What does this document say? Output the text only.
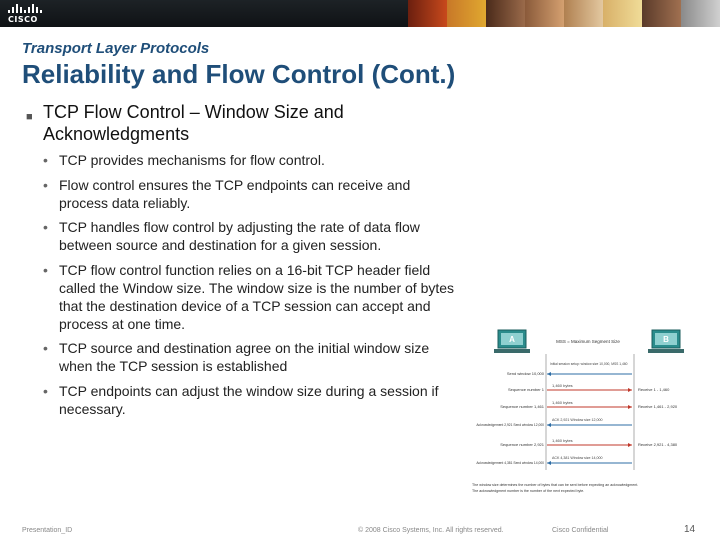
CISCO
Transport Layer Protocols
Reliability and Flow Control (Cont.)
■ TCP Flow Control – Window Size and Acknowledgments
• TCP provides mechanisms for flow control.
• Flow control ensures the TCP endpoints can receive and process data reliably.
• TCP handles flow control by adjusting the rate of data flow between source and destination for a given session.
• TCP flow control function relies on a 16-bit TCP header field called the Window size. The window size is the number of bytes that the destination device of a TCP session can accept and process at one time.
• TCP source and destination agree on the initial window size when the TCP session is established
• TCP endpoints can adjust the window size during a session if necessary.
A	B
MSS = Maximum Segment Size
Send window 10,000
Initial session setup: window size 10,000, MSS 1,460
Sequence number 1
1,460 bytes
Receive 1 - 1,460
Sequence number 1,461
1,460 bytes
Receive 1,461 - 2,920
Acknowledgement 2,921 Send window 12,000
ACK 2,921 Window size 12,000
Sequence number 2,921
1,460 bytes
Receive 2,921 - 4,380
Acknowledgement 4,381 Send window 14,000
ACK 4,381 Window size 14,000
The window size determines the number of bytes that can be sent before expecting an acknowledgment.
The acknowledgment number is the number of the next expected byte.
Presentation_ID	© 2008 Cisco Systems, Inc. All rights reserved.	Cisco Confidential	14
